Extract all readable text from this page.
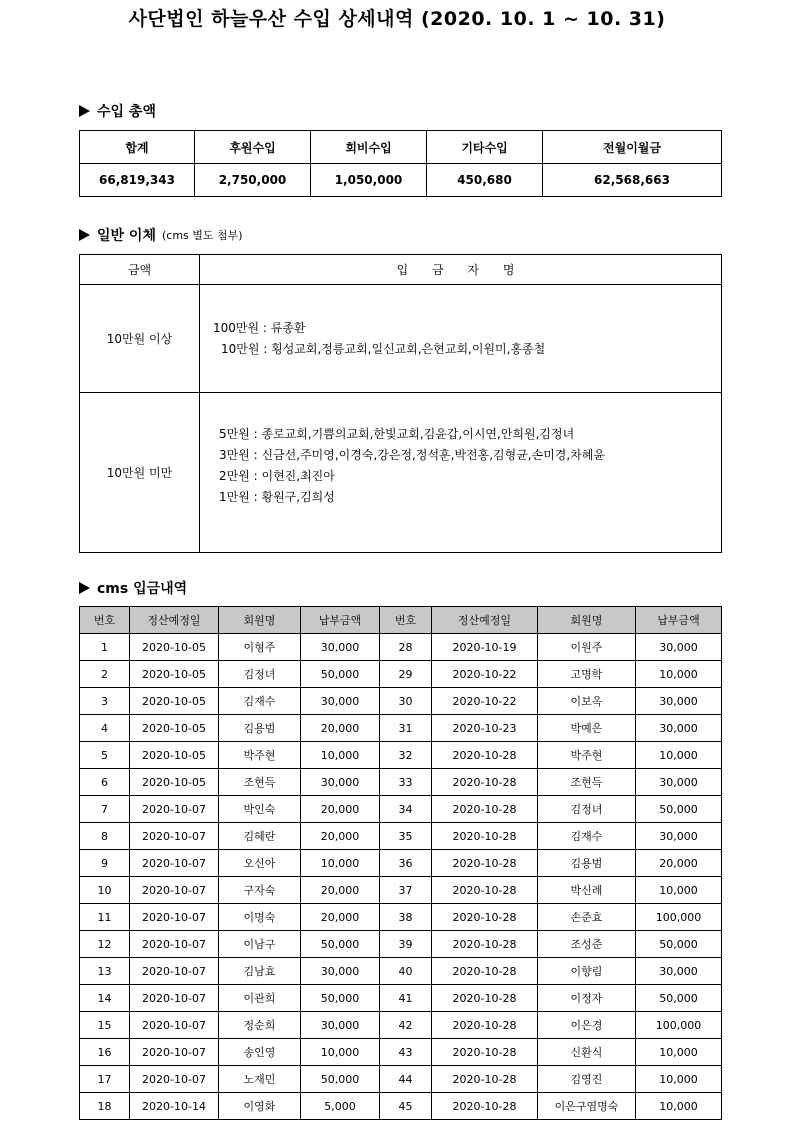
사단법인 하늘우산 수입 상세내역 (2020. 10. 1 ~ 10. 31)
수입 총액
합계	후원수입	회비수입	기타수입	전월이월금
66,819,343	2,750,000	1,050,000	450,680	62,568,663
일반 이체 (cms 별도 첨부)
금액	입 금 자 명
10만원 이상	100만원 : 류종환
10만원 : 횡성교회,정릉교회,일신교회,은현교회,이원미,홍종철

10만원 미만	5만원 : 종로교회,기쁨의교회,한빛교회,김윤갑,이시연,안희원,김정녀
3만원 : 신금선,주미영,이경숙,강은정,정석훈,박전홍,김형균,손미경,차혜윤
2만원 : 이현진,최진아
1만원 : 황원구,김희성
cms 입금내역
번호	정산예정일	회원명	납부금액	번호	정산예정일	회원명	납부금액
1	2020-10-05	이형주	30,000	28	2020-10-19	이원주	30,000
2	2020-10-05	김정녀	50,000	29	2020-10-22	고명학	10,000
3	2020-10-05	김재수	30,000	30	2020-10-22	이보옥	30,000
4	2020-10-05	김용범	20,000	31	2020-10-23	박예은	30,000
5	2020-10-05	박주현	10,000	32	2020-10-28	박주현	10,000
6	2020-10-05	조현득	30,000	33	2020-10-28	조현득	30,000
7	2020-10-07	박인숙	20,000	34	2020-10-28	김정녀	50,000
8	2020-10-07	김혜란	20,000	35	2020-10-28	김재수	30,000
9	2020-10-07	오신아	10,000	36	2020-10-28	김용범	20,000
10	2020-10-07	구자숙	20,000	37	2020-10-28	박신례	10,000
11	2020-10-07	이명숙	20,000	38	2020-10-28	손준효	100,000
12	2020-10-07	이남구	50,000	39	2020-10-28	조성준	50,000
13	2020-10-07	김남효	30,000	40	2020-10-28	이향림	30,000
14	2020-10-07	이관희	50,000	41	2020-10-28	이정자	50,000
15	2020-10-07	정순희	30,000	42	2020-10-28	이은경	100,000
16	2020-10-07	송인영	10,000	43	2020-10-28	신환식	10,000
17	2020-10-07	노재민	50,000	44	2020-10-28	김영진	10,000
18	2020-10-14	이영화	5,000	45	2020-10-28	이은구염명숙	10,000
